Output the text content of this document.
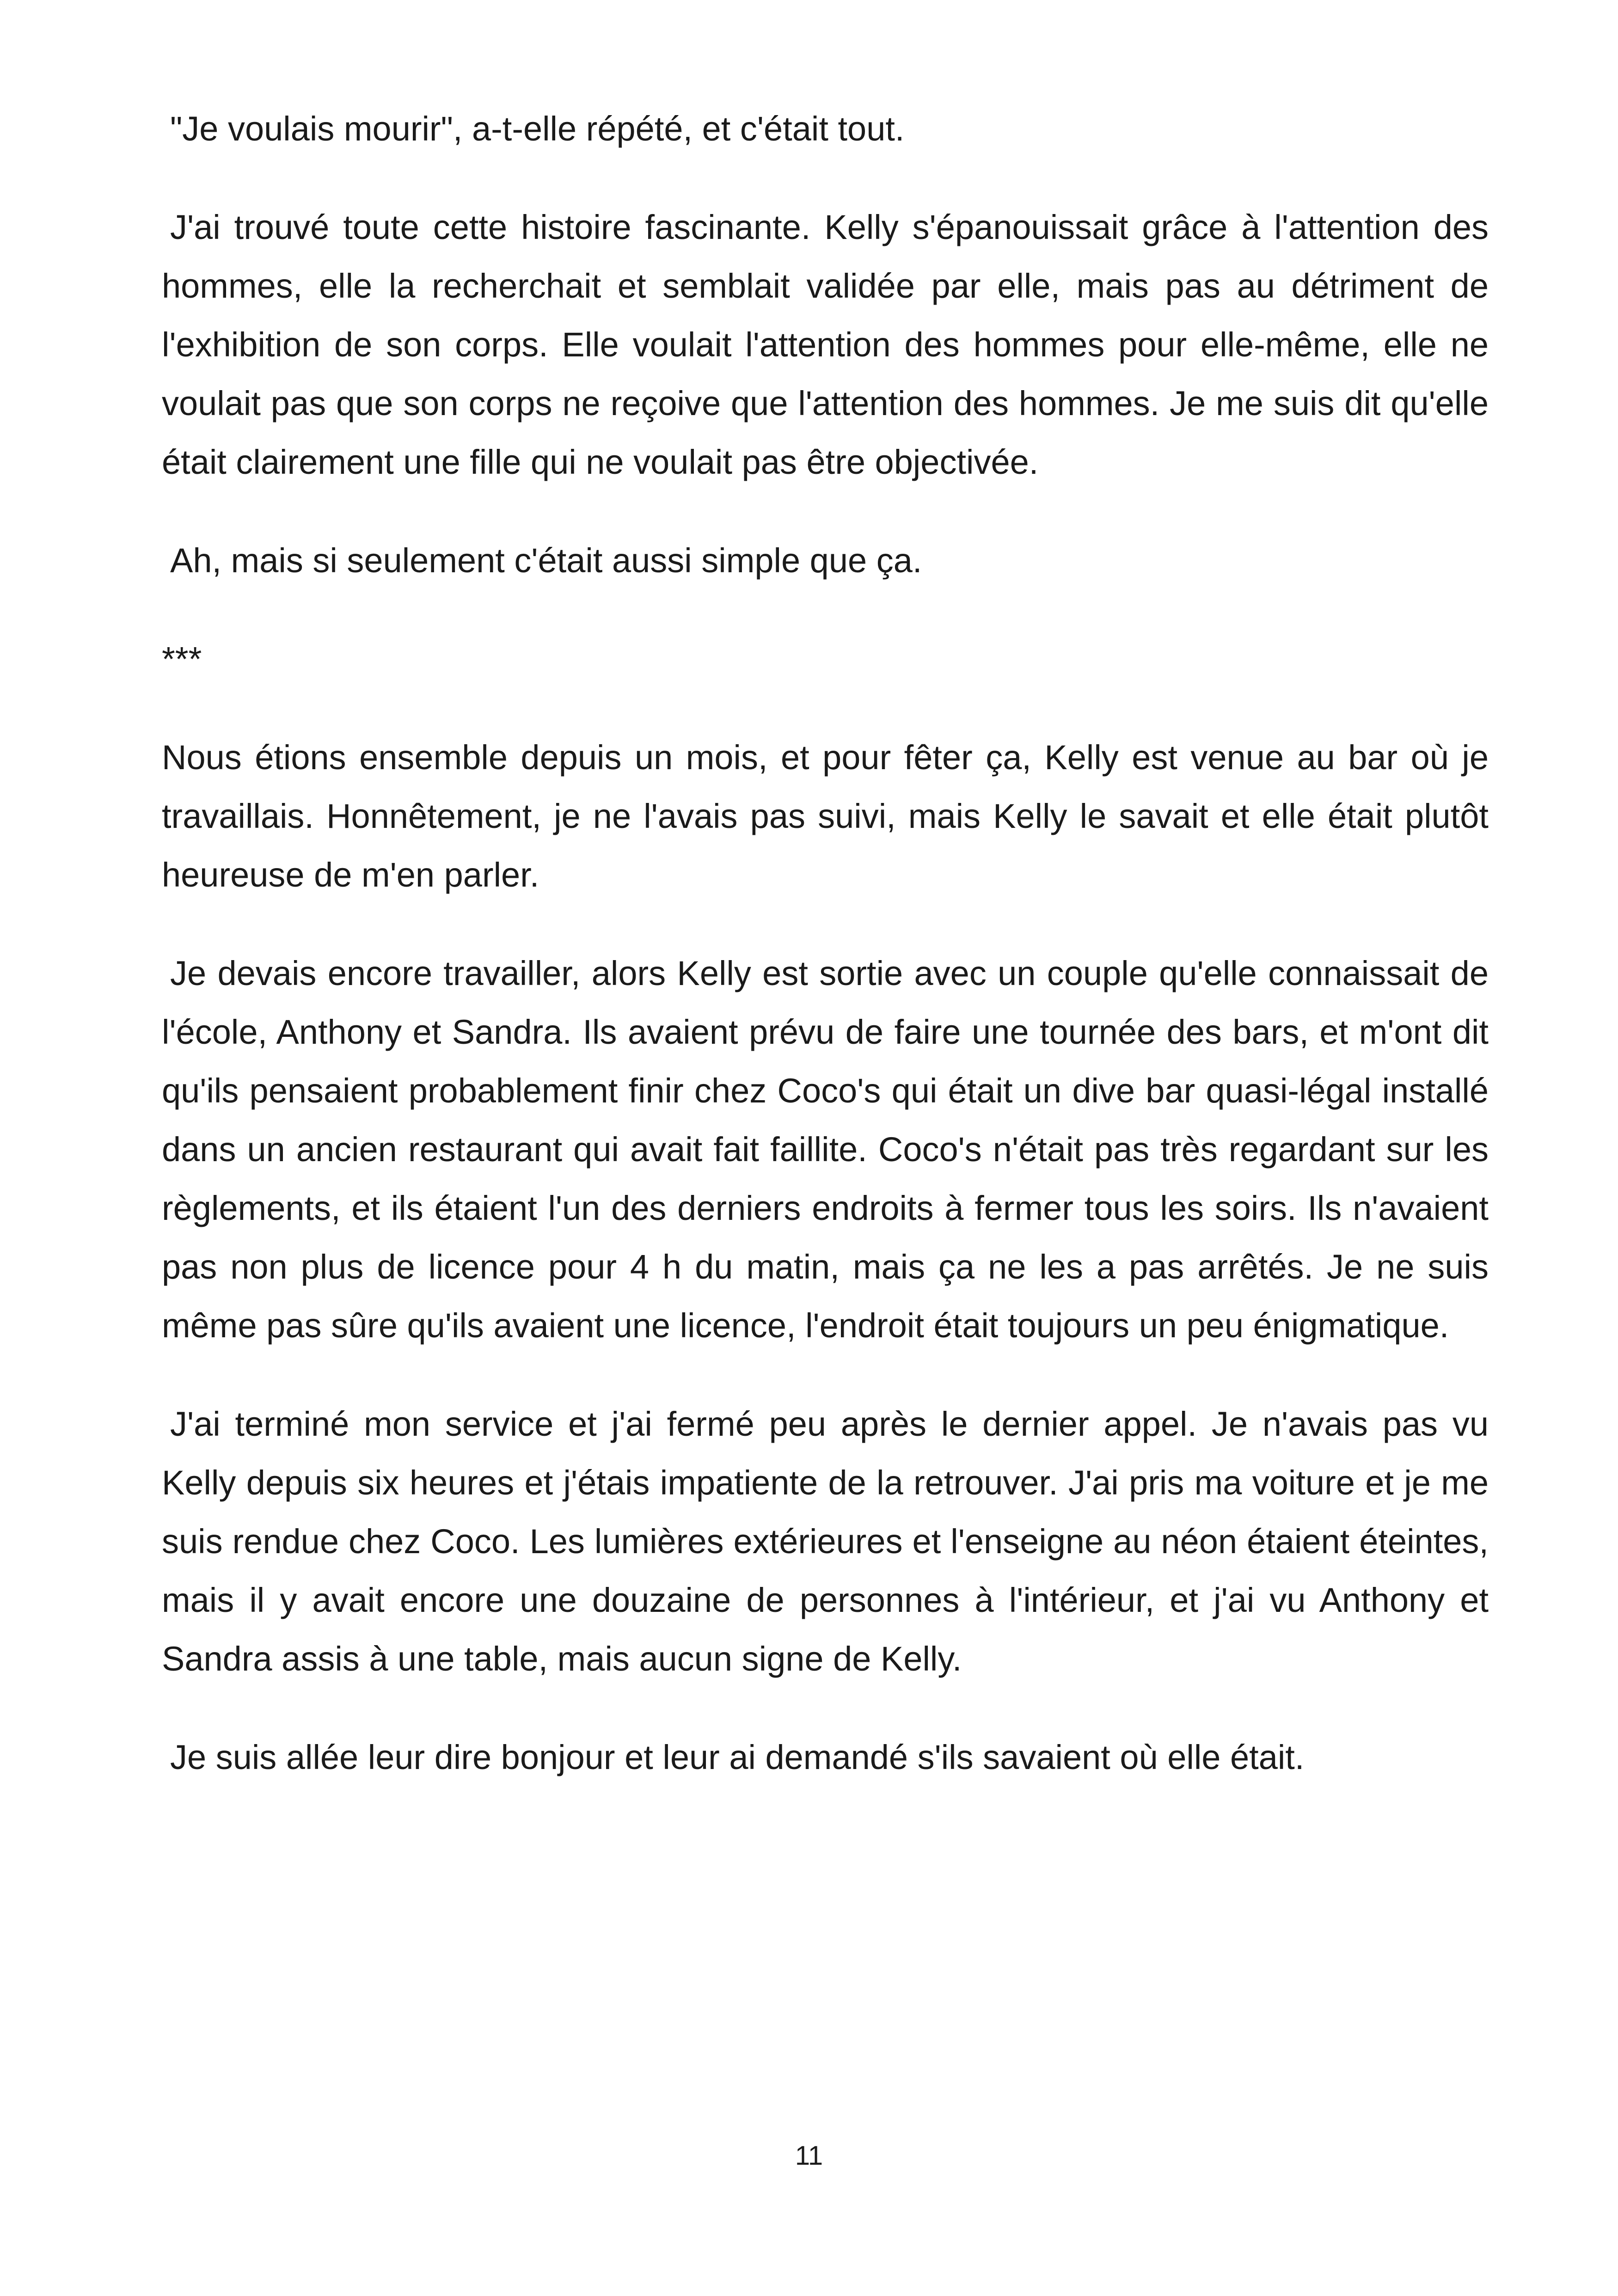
"Je voulais mourir", a-t-elle répété, et c'était tout.

J'ai trouvé toute cette histoire fascinante. Kelly s'épanouissait grâce à l'attention des hommes, elle la recherchait et semblait validée par elle, mais pas au détriment de l'exhibition de son corps. Elle voulait l'attention des hommes pour elle-même, elle ne voulait pas que son corps ne reçoive que l'attention des hommes. Je me suis dit qu'elle était clairement une fille qui ne voulait pas être objectivée.

Ah, mais si seulement c'était aussi simple que ça.

***

Nous étions ensemble depuis un mois, et pour fêter ça, Kelly est venue au bar où je travaillais. Honnêtement, je ne l'avais pas suivi, mais Kelly le savait et elle était plutôt heureuse de m'en parler.

Je devais encore travailler, alors Kelly est sortie avec un couple qu'elle connaissait de l'école, Anthony et Sandra. Ils avaient prévu de faire une tournée des bars, et m'ont dit qu'ils pensaient probablement finir chez Coco's qui était un dive bar quasi-légal installé dans un ancien restaurant qui avait fait faillite. Coco's n'était pas très regardant sur les règlements, et ils étaient l'un des derniers endroits à fermer tous les soirs. Ils n'avaient pas non plus de licence pour 4 h du matin, mais ça ne les a pas arrêtés. Je ne suis même pas sûre qu'ils avaient une licence, l'endroit était toujours un peu énigmatique.

J'ai terminé mon service et j'ai fermé peu après le dernier appel. Je n'avais pas vu Kelly depuis six heures et j'étais impatiente de la retrouver. J'ai pris ma voiture et je me suis rendue chez Coco. Les lumières extérieures et l'enseigne au néon étaient éteintes, mais il y avait encore une douzaine de personnes à l'intérieur, et j'ai vu Anthony et Sandra assis à une table, mais aucun signe de Kelly.

Je suis allée leur dire bonjour et leur ai demandé s'ils savaient où elle était.

11
